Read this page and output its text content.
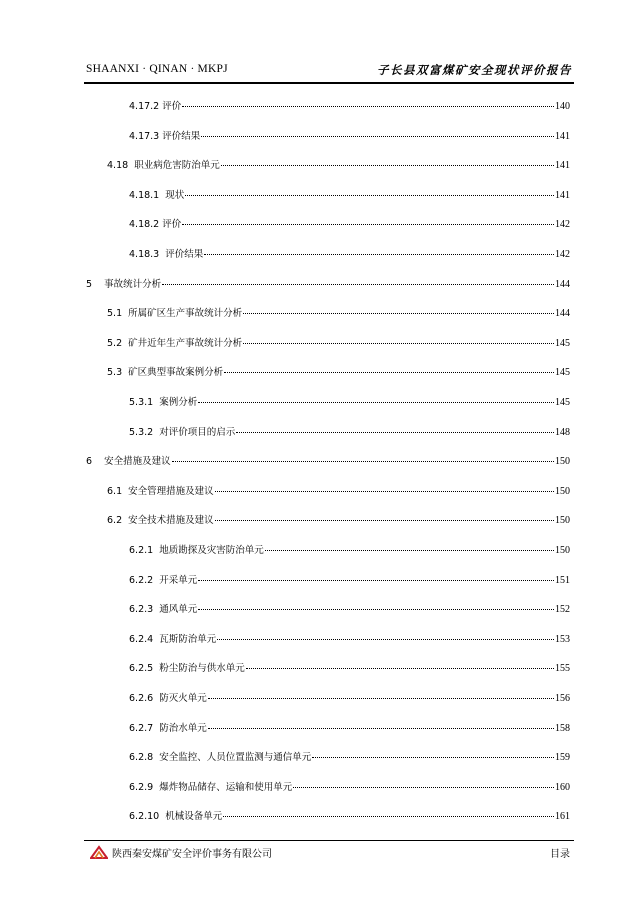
SHAANXI · QINAN · MKPJ	子长县双富煤矿安全现状评价报告
4.17.2 评价	140
4.17.3 评价结果	141
4.18  职业病危害防治单元	141
4.18.1  现状	141
4.18.2 评价	142
4.18.3  评价结果	142
5    事故统计分析	144
5.1  所属矿区生产事故统计分析	144
5.2  矿井近年生产事故统计分析	145
5.3  矿区典型事故案例分析	145
5.3.1  案例分析	145
5.3.2  对评价项目的启示	148
6    安全措施及建议	150
6.1  安全管理措施及建议	150
6.2  安全技术措施及建议	150
6.2.1  地质勘探及灾害防治单元	150
6.2.2  开采单元	151
6.2.3  通风单元	152
6.2.4  瓦斯防治单元	153
6.2.5  粉尘防治与供水单元	155
6.2.6  防灭火单元	156
6.2.7  防治水单元	158
6.2.8  安全监控、人员位置监测与通信单元	159
6.2.9  爆炸物品储存、运输和使用单元	160
6.2.10  机械设备单元	161
陕西秦安煤矿安全评价事务有限公司	目录
